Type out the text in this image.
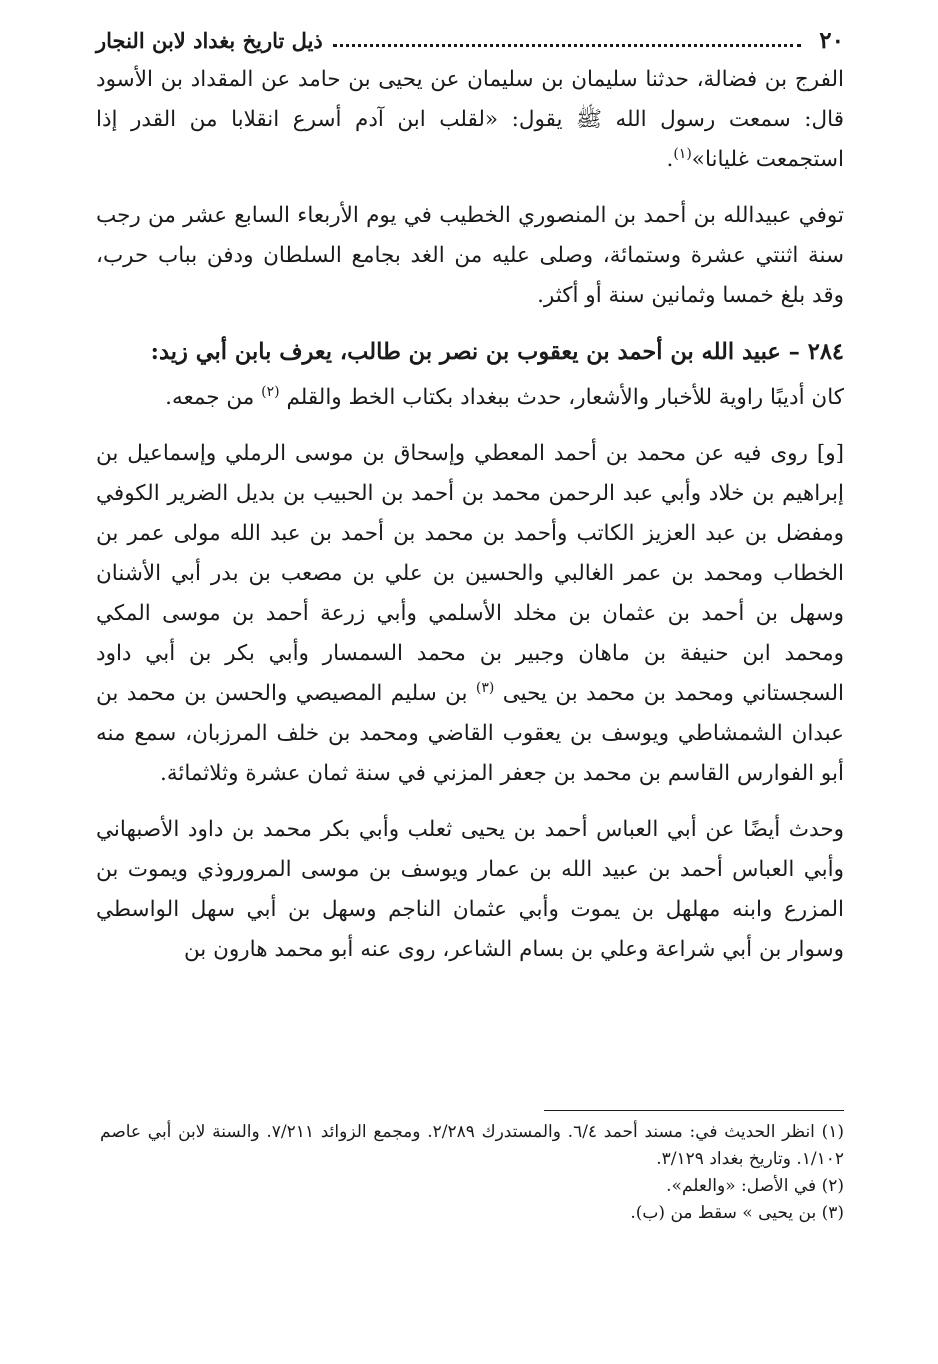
٢٠
ذيل تاريخ بغداد لابن النجار

الفرج بن فضالة، حدثنا سليمان بن سليمان عن يحيى بن حامد عن المقداد بن الأسود قال: سمعت رسول الله ﷺ يقول: «لقلب ابن آدم أسرع انقلابا من القدر إذا استجمعت غليانا»$^{(١)}$.

توفي عبيدالله بن أحمد بن المنصوري الخطيب في يوم الأربعاء السابع عشر من رجب سنة اثنتي عشرة وستمائة، وصلى عليه من الغد بجامع السلطان ودفن بباب حرب، وقد بلغ خمسا وثمانين سنة أو أكثر.

٢٨٤ – عبيد الله بن أحمد بن يعقوب بن نصر بن طالب، يعرف بابن أبي زيد:

كان أديبًا راوية للأخبار والأشعار، حدث ببغداد بكتاب الخط والقلم $^{(٢)}$ من جمعه.

[و] روى فيه عن محمد بن أحمد المعطي وإسحاق بن موسى الرملي وإسماعيل بن إبراهيم بن خلاد وأبي عبد الرحمن محمد بن أحمد بن الحبيب بن بديل الضرير الكوفي ومفضل بن عبد العزيز الكاتب وأحمد بن محمد بن أحمد بن عبد الله مولى عمر بن الخطاب ومحمد بن عمر الغالبي والحسين بن علي بن مصعب بن بدر أبي الأشنان وسهل بن أحمد بن عثمان بن مخلد الأسلمي وأبي زرعة أحمد بن موسى المكي ومحمد ابن حنيفة بن ماهان وجبير بن محمد السمسار وأبي بكر بن أبي داود السجستاني ومحمد بن محمد بن يحيى $^{(٣)}$ بن سليم المصيصي والحسن بن محمد بن عبدان الشمشاطي ويوسف بن يعقوب القاضي ومحمد بن خلف المرزبان، سمع منه أبو الفوارس القاسم بن محمد بن جعفر المزني في سنة ثمان عشرة وثلاثمائة.

وحدث أيضًا عن أبي العباس أحمد بن يحيى ثعلب وأبي بكر محمد بن داود الأصبهاني وأبي العباس أحمد بن عبيد الله بن عمار ويوسف بن موسى المروروذي ويموت بن المزرع وابنه مهلهل بن يموت وأبي عثمان الناجم وسهل بن أبي سهل الواسطي وسوار بن أبي شراعة وعلي بن بسام الشاعر، روى عنه أبو محمد هارون بن

(١) انظر الحديث في: مسند أحمد ٦/٤. والمستدرك ٢/٢٨٩. ومجمع الزوائد ٧/٢١١. والسنة لابن أبي عاصم ١/١٠٢. وتاريخ بغداد ٣/١٢٩.

(٢) في الأصل: «والعلم».

(٣) بن يحيى » سقط من (ب).
